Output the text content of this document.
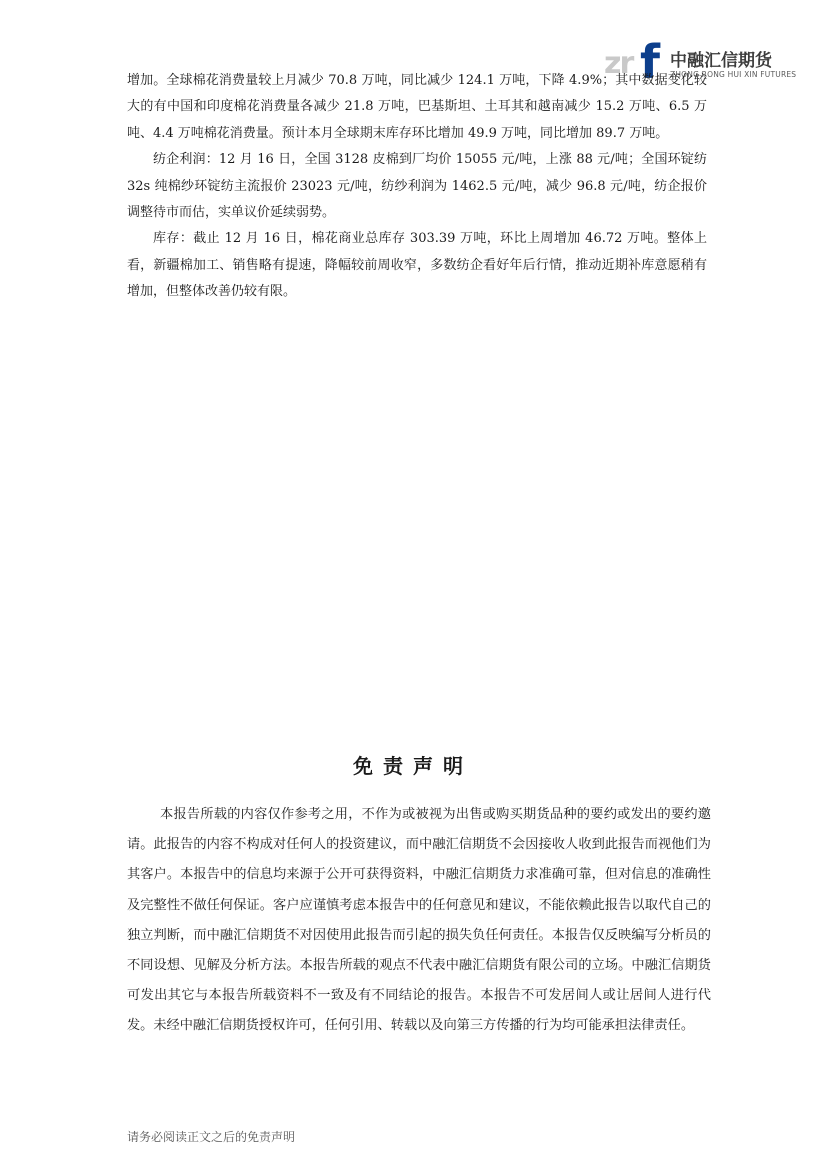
zr f 中融汇信期货
ZHONG RONG HUI XIN FUTURES

增加。全球棉花消费量较上月减少 70.8 万吨，同比减少 124.1 万吨，下降 4.9%；其中数据变化较大的有中国和印度棉花消费量各减少 21.8 万吨，巴基斯坦、土耳其和越南减少 15.2 万吨、6.5 万吨、4.4 万吨棉花消费量。预计本月全球期末库存环比增加 49.9 万吨，同比增加 89.7 万吨。

纺企利润：12 月 16 日，全国 3128 皮棉到厂均价 15055 元/吨，上涨 88 元/吨；全国环锭纺 32s 纯棉纱环锭纺主流报价 23023 元/吨，纺纱利润为 1462.5 元/吨，减少 96.8 元/吨，纺企报价调整待市而估，实单议价延续弱势。

库存：截止 12 月 16 日，棉花商业总库存 303.39 万吨，环比上周增加 46.72 万吨。整体上看，新疆棉加工、销售略有提速，降幅较前周收窄，多数纺企看好年后行情，推动近期补库意愿稍有增加，但整体改善仍较有限。

免责声明

本报告所载的内容仅作参考之用，不作为或被视为出售或购买期货品种的要约或发出的要约邀请。此报告的内容不构成对任何人的投资建议，而中融汇信期货不会因接收人收到此报告而视他们为其客户。本报告中的信息均来源于公开可获得资料，中融汇信期货力求准确可靠，但对信息的准确性及完整性不做任何保证。客户应谨慎考虑本报告中的任何意见和建议，不能依赖此报告以取代自己的独立判断，而中融汇信期货不对因使用此报告而引起的损失负任何责任。本报告仅反映编写分析员的不同设想、见解及分析方法。本报告所载的观点不代表中融汇信期货有限公司的立场。中融汇信期货可发出其它与本报告所载资料不一致及有不同结论的报告。本报告不可发居间人或让居间人进行代发。未经中融汇信期货授权许可，任何引用、转载以及向第三方传播的行为均可能承担法律责任。

请务必阅读正文之后的免责声明
